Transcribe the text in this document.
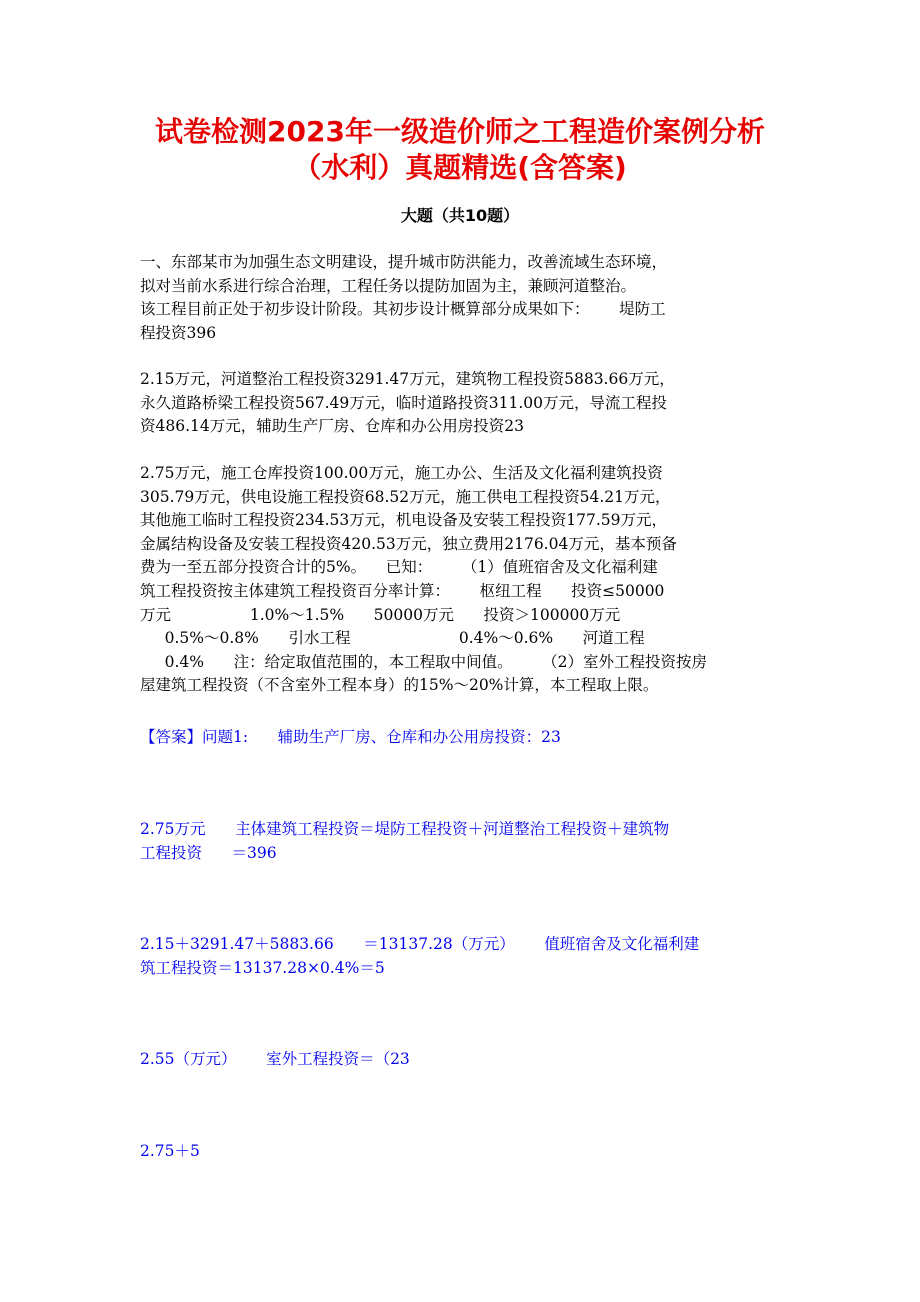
试卷检测2023年一级造价师之工程造价案例分析
（水利）真题精选(含答案)
大题（共10题）
一、东部某市为加强生态文明建设，提升城市防洪能力，改善流域生态环境，
拟对当前水系进行综合治理，工程任务以提防加固为主，兼顾河道整治。
该工程目前正处于初步设计阶段。其初步设计概算部分成果如下：      堤防工
程投资396
2.15万元，河道整治工程投资3291.47万元，建筑物工程投资5883.66万元，
永久道路桥梁工程投资567.49万元，临时道路投资311.00万元，导流工程投
资486.14万元，辅助生产厂房、仓库和办公用房投资23
2.75万元，施工仓库投资100.00万元，施工办公、生活及文化福利建筑投资
305.79万元，供电设施工程投资68.52万元，施工供电工程投资54.21万元，
其他施工临时工程投资234.53万元，机电设备及安装工程投资177.59万元，
金属结构设备及安装工程投资420.53万元，独立费用2176.04万元，基本预备
费为一至五部分投资合计的5%。    已知：      （1）值班宿舍及文化福利建
筑工程投资按主体建筑工程投资百分率计算：      枢纽工程      投资≤50000
万元                1.0%～1.5%      50000万元      投资＞100000万元
0.5%～0.8%      引水工程                      0.4%～0.6%      河道工程
0.4%      注：给定取值范围的，本工程取中间值。      （2）室外工程投资按房
屋建筑工程投资（不含室外工程本身）的15%～20%计算，本工程取上限。
【答案】问题1:      辅助生产厂房、仓库和办公用房投资：23
2.75万元      主体建筑工程投资＝堤防工程投资＋河道整治工程投资＋建筑物
工程投资      ＝396
2.15＋3291.47＋5883.66      ＝13137.28（万元）      值班宿舍及文化福利建
筑工程投资＝13137.28×0.4%＝5
2.55（万元）      室外工程投资＝（23
2.75＋5
